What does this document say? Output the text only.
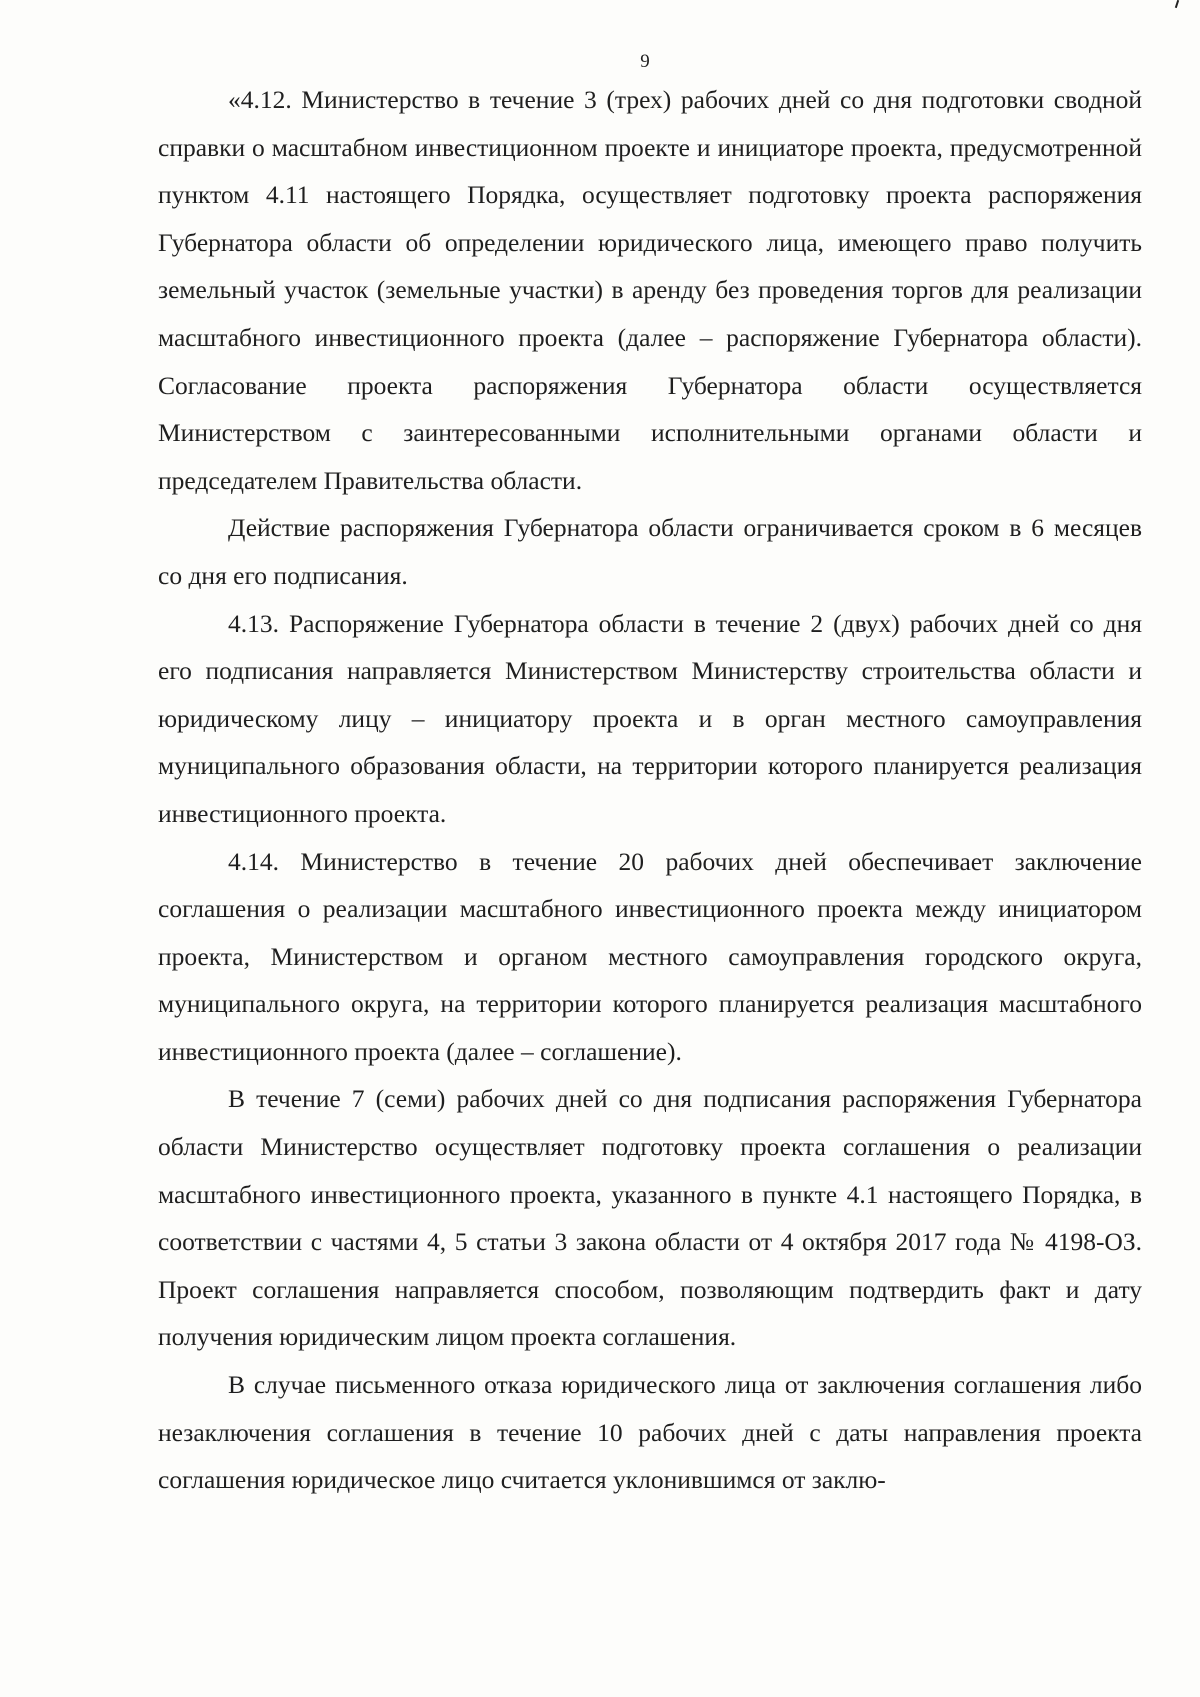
9

«4.12. Министерство в течение 3 (трех) рабочих дней со дня подготовки сводной справки о масштабном инвестиционном проекте и инициаторе проекта, предусмотренной пунктом 4.11 настоящего Порядка, осуществляет подготовку проекта распоряжения Губернатора области об определении юридического лица, имеющего право получить земельный участок (земельные участки) в аренду без проведения торгов для реализации масштабного инвестиционного проекта (далее – распоряжение Губернатора области). Согласование проекта распоряжения Губернатора области осуществляется Министерством с заинтересованными исполнительными органами области и председателем Правительства области.

Действие распоряжения Губернатора области ограничивается сроком в 6 месяцев со дня его подписания.

4.13. Распоряжение Губернатора области в течение 2 (двух) рабочих дней со дня его подписания направляется Министерством Министерству строительства области и юридическому лицу – инициатору проекта и в орган местного самоуправления муниципального образования области, на территории которого планируется реализация инвестиционного проекта.

4.14. Министерство в течение 20 рабочих дней обеспечивает заключение соглашения о реализации масштабного инвестиционного проекта между инициатором проекта, Министерством и органом местного самоуправления городского округа, муниципального округа, на территории которого планируется реализация масштабного инвестиционного проекта (далее – соглашение).

В течение 7 (семи) рабочих дней со дня подписания распоряжения Губернатора области Министерство осуществляет подготовку проекта соглашения о реализации масштабного инвестиционного проекта, указанного в пункте 4.1 настоящего Порядка, в соответствии с частями 4, 5 статьи 3 закона области от 4 октября 2017 года № 4198-ОЗ. Проект соглашения направляется способом, позволяющим подтвердить факт и дату получения юридическим лицом проекта соглашения.

В случае письменного отказа юридического лица от заключения соглашения либо незаключения соглашения в течение 10 рабочих дней с даты направления проекта соглашения юридическое лицо считается уклонившимся от заклю-
